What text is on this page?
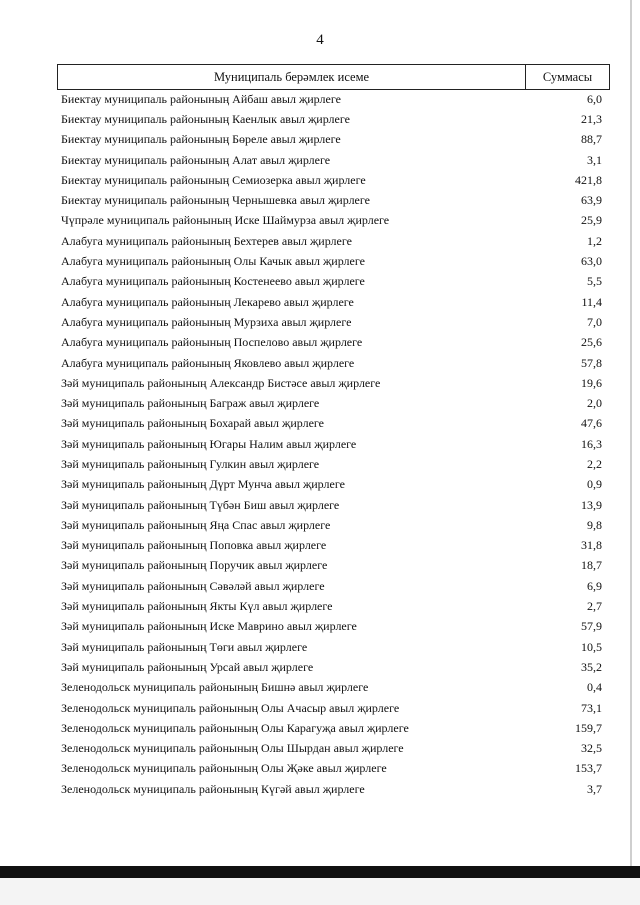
4
Муниципаль берәмлек исеме	Суммасы
Биектау муниципаль районының Айбаш авыл җирлеге	6,0
Биектау муниципаль районының Каенлык авыл җирлеге	21,3
Биектау муниципаль районының Бөреле авыл җирлеге	88,7
Биектау муниципаль районының Алат авыл җирлеге	3,1
Биектау муниципаль районының Семиозерка авыл җирлеге	421,8
Биектау муниципаль районының Чернышевка авыл җирлеге	63,9
Чүпрәле муниципаль районының Иске Шаймурза авыл җирлеге	25,9
Алабуга муниципаль районының Бехтерев авыл җирлеге	1,2
Алабуга муниципаль районының Олы Качык авыл җирлеге	63,0
Алабуга муниципаль районының Костенеево авыл җирлеге	5,5
Алабуга муниципаль районының Лекарево авыл җирлеге	11,4
Алабуга муниципаль районының Мурзиха авыл җирлеге	7,0
Алабуга муниципаль районының Поспелово авыл җирлеге	25,6
Алабуга муниципаль районының Яковлево авыл җирлеге	57,8
Зәй муниципаль районының Александр Бистәсе авыл җирлеге	19,6
Зәй муниципаль районының Баграж авыл җирлеге	2,0
Зәй муниципаль районының Бохарай авыл җирлеге	47,6
Зәй муниципаль районының Югары Налим авыл җирлеге	16,3
Зәй муниципаль районының Гулкин авыл җирлеге	2,2
Зәй муниципаль районының Дүрт Мунча авыл җирлеге	0,9
Зәй муниципаль районының Түбән Биш авыл җирлеге	13,9
Зәй муниципаль районының Яңа Спас авыл җирлеге	9,8
Зәй муниципаль районының Поповка авыл җирлеге	31,8
Зәй муниципаль районының Поручик авыл җирлеге	18,7
Зәй муниципаль районының Сәвәләй авыл җирлеге	6,9
Зәй муниципаль районының Якты Күл авыл җирлеге	2,7
Зәй муниципаль районының Иске Маврино авыл җирлеге	57,9
Зәй муниципаль районының Төги авыл җирлеге	10,5
Зәй муниципаль районының Урсай авыл җирлеге	35,2
Зеленодольск муниципаль районының Бишнә авыл җирлеге	0,4
Зеленодольск муниципаль районының Олы Ачасыр авыл җирлеге	73,1
Зеленодольск муниципаль районының Олы Карагуҗа авыл җирлеге	159,7
Зеленодольск муниципаль районының Олы Шырдан авыл җирлеге	32,5
Зеленодольск муниципаль районының Олы Җәке авыл җирлеге	153,7
Зеленодольск муниципаль районының Күгәй авыл җирлеге	3,7
